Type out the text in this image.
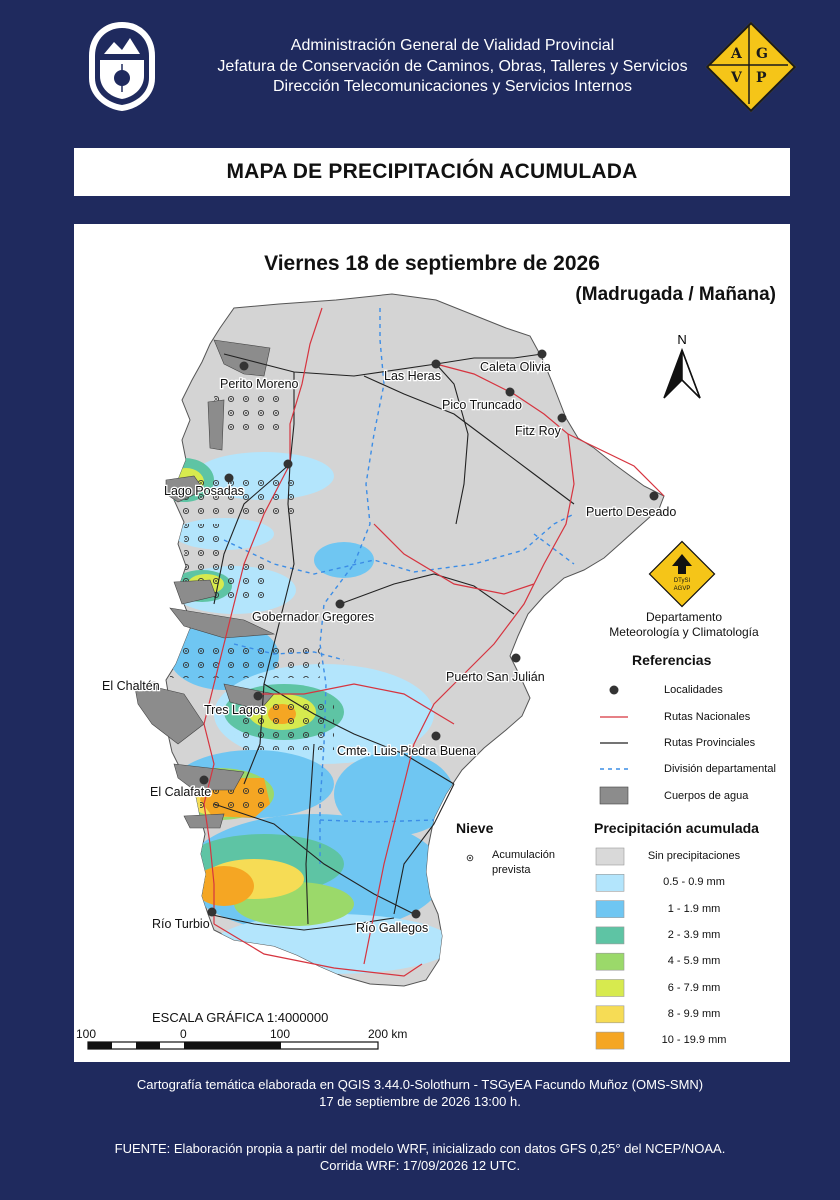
Administración General de Vialidad Provincial
Jefatura de Conservación de Caminos, Obras, Talleres y Servicios
Dirección Telecomunicaciones y Servicios Internos
A G
V P
MAPA DE PRECIPITACIÓN ACUMULADA
Viernes 18 de septiembre de 2026
(Madrugada / Mañana)
Perito Moreno
Las Heras
Caleta Olivia
Pico Truncado
Fitz Roy
Lago Posadas
Puerto Deseado
Gobernador Gregores
Puerto San Julián
El Chaltén
Tres Lagos
Cmte. Luis Piedra Buena
El Calafate
Río Turbio	Río Gallegos
N
DTySI
AGVP
Departamento
Meteorología y Climatología
Referencias
Localidades
Rutas Nacionales
Rutas Provinciales
División departamental
Cuerpos de agua
Nieve
Acumulación
prevista
Precipitación acumulada
Sin precipitaciones
0.5 - 0.9 mm
1 - 1.9 mm
2 - 3.9 mm
4 - 5.9 mm
6 - 7.9 mm
8 - 9.9 mm
10 - 19.9 mm
ESCALA GRÁFICA 1:4000000
100	0	100	200 km
Cartografía temática elaborada en QGIS 3.44.0-Solothurn - TSGyEA Facundo Muñoz (OMS-SMN)
17 de septiembre de 2026 13:00 h.
FUENTE: Elaboración propia a partir del modelo WRF, inicializado con datos GFS 0,25° del NCEP/NOAA.
Corrida WRF: 17/09/2026 12 UTC.
